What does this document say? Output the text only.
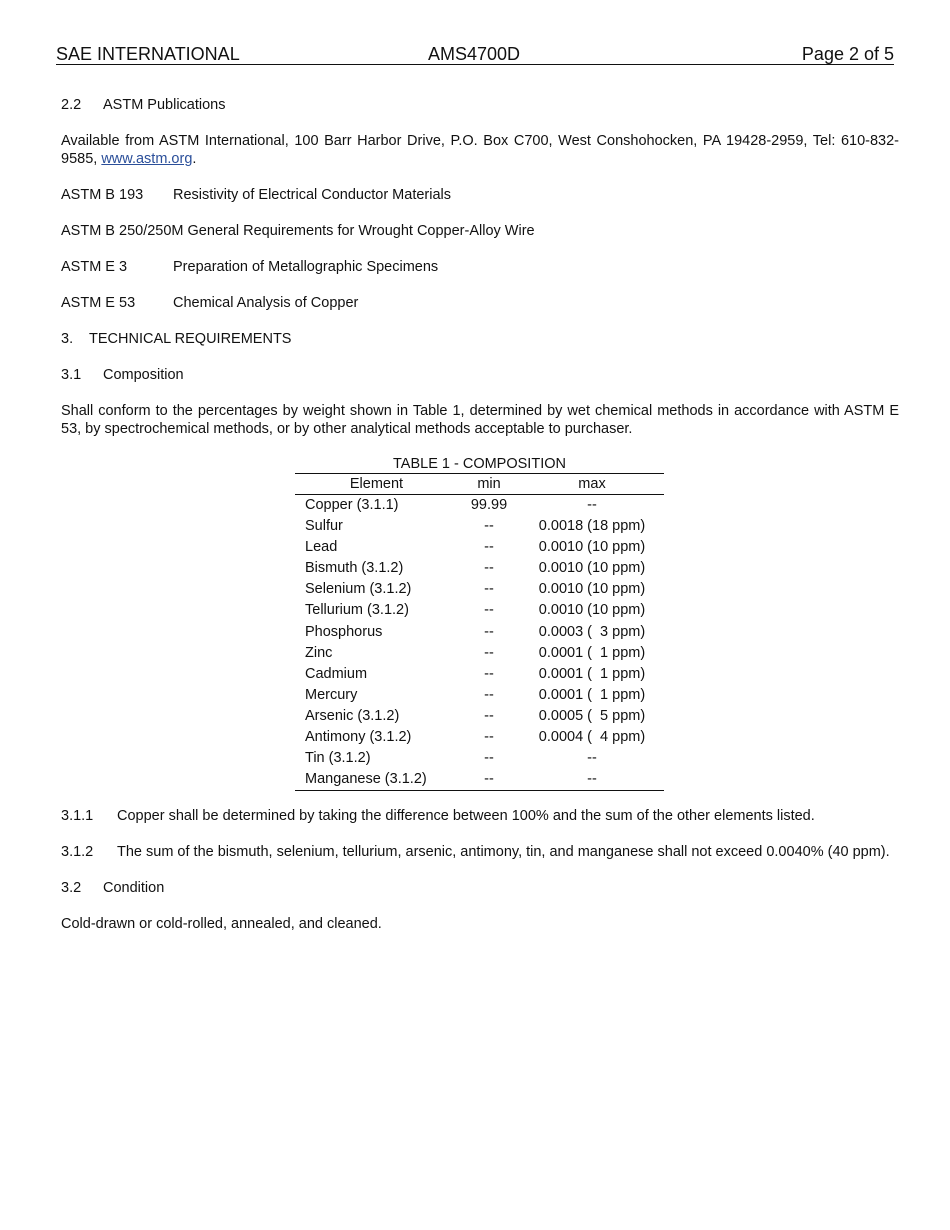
SAE INTERNATIONAL	AMS4700D	Page 2 of 5

2.2 ASTM Publications

Available from ASTM International, 100 Barr Harbor Drive, P.O. Box C700, West Conshohocken, PA 19428-2959, Tel: 610-832-9585, www.astm.org.

ASTM B 193 Resistivity of Electrical Conductor Materials

ASTM B 250/250M General Requirements for Wrought Copper-Alloy Wire

ASTM E 3	Preparation of Metallographic Specimens

ASTM E 53	Chemical Analysis of Copper

3. TECHNICAL REQUIREMENTS

3.1 Composition

Shall conform to the percentages by weight shown in Table 1, determined by wet chemical methods in accordance with ASTM E 53, by spectrochemical methods, or by other analytical methods acceptable to purchaser.

TABLE 1 - COMPOSITION
Element	min	max
Copper (3.1.1)	99.99	--
Sulfur	--	0.0018 (18 ppm)
Lead	--	0.0010 (10 ppm)
Bismuth (3.1.2)	--	0.0010 (10 ppm)
Selenium (3.1.2)	--	0.0010 (10 ppm)
Tellurium (3.1.2)	--	0.0010 (10 ppm)
Phosphorus	--	0.0003 (  3 ppm)
Zinc	--	0.0001 (  1 ppm)
Cadmium	--	0.0001 (  1 ppm)
Mercury	--	0.0001 (  1 ppm)
Arsenic (3.1.2)	--	0.0005 (  5 ppm)
Antimony (3.1.2)	--	0.0004 (  4 ppm)
Tin (3.1.2)	--	--
Manganese (3.1.2)	--	--
3.1.1	Copper shall be determined by taking the difference between 100% and the sum of the other elements listed.
3.1.2	The sum of the bismuth, selenium, tellurium, arsenic, antimony, tin, and manganese shall not exceed 0.0040% (40 ppm).

3.2 Condition

Cold-drawn or cold-rolled, annealed, and cleaned.
